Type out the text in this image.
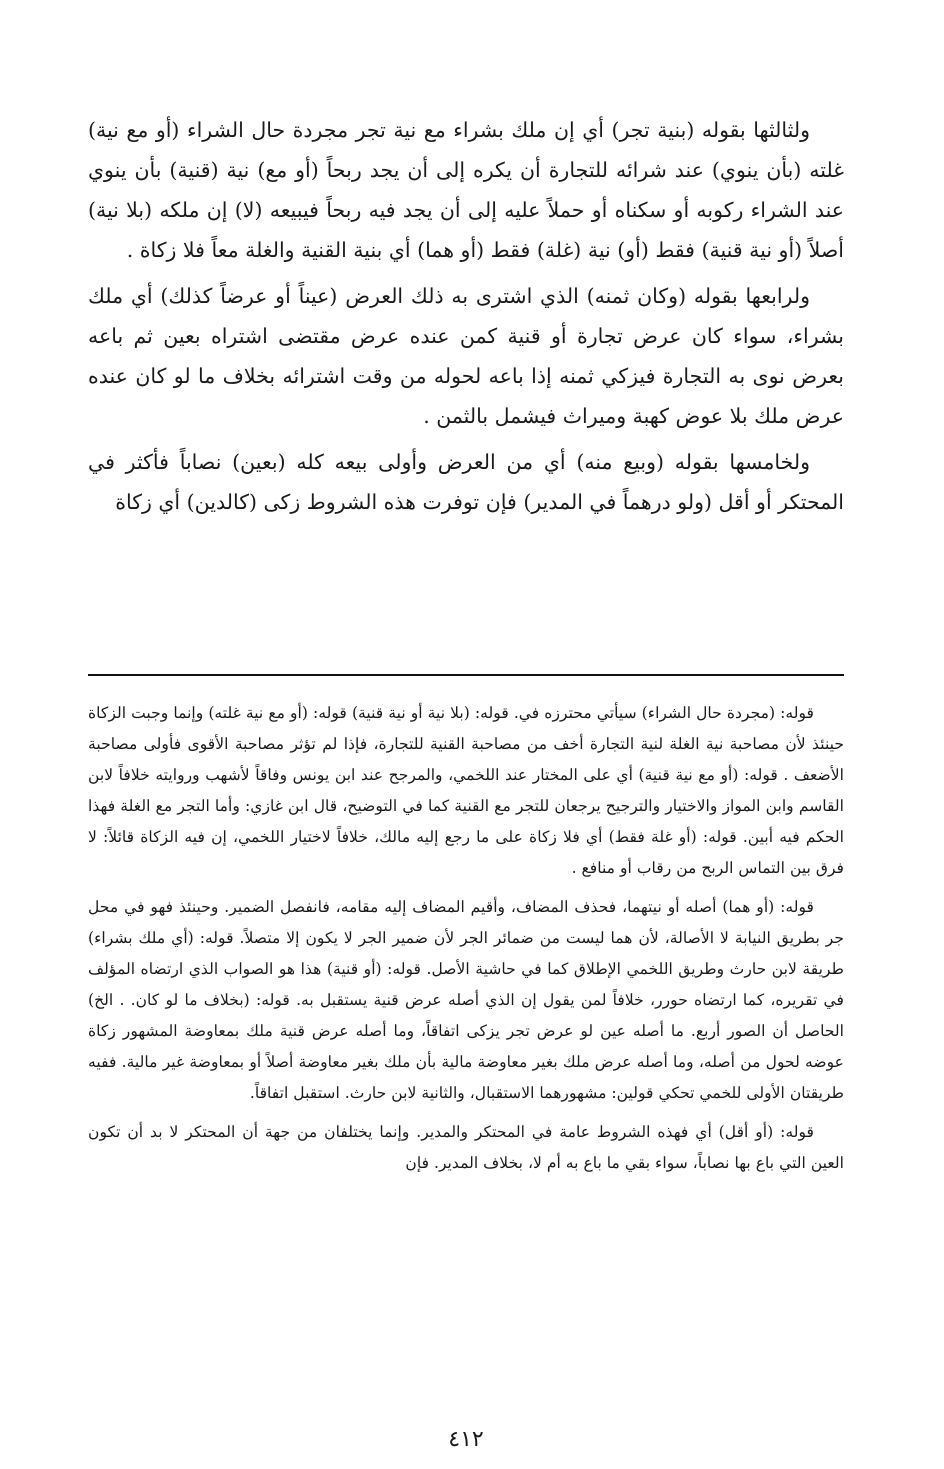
ولثالثها بقوله (بنية تجر) أي إن ملك بشراء مع نية تجر مجردة حال الشراء (أو مع نية) غلته (بأن ينوي) عند شرائه للتجارة أن يكره إلى أن يجد ربحاً (أو مع) نية (قنية) بأن ينوي عند الشراء ركوبه أو سكناه أو حملاً عليه إلى أن يجد فيه ربحاً فيبيعه (لا) إن ملكه (بلا نية) أصلاً (أو نية قنية) فقط (أو) نية (غلة) فقط (أو هما) أي بنية القنية والغلة معاً فلا زكاة .

ولرابعها بقوله (وكان ثمنه) الذي اشترى به ذلك العرض (عيناً أو عرضاً كذلك) أي ملك بشراء، سواء كان عرض تجارة أو قنية كمن عنده عرض مقتضى اشتراه بعين ثم باعه بعرض نوى به التجارة فيزكي ثمنه إذا باعه لحوله من وقت اشترائه بخلاف ما لو كان عنده عرض ملك بلا عوض كهبة وميراث فيشمل بالثمن .

ولخامسها بقوله (وبيع منه) أي من العرض وأولى بيعه كله (بعين) نصاباً فأكثر في المحتكر أو أقل (ولو درهماً في المدير) فإن توفرت هذه الشروط زكى (كالدين) أي زكاة

قوله: (مجردة حال الشراء) سيأتي محترزه في. قوله: (بلا نية أو نية قنية) قوله: (أو مع نية غلته) وإنما وجبت الزكاة حينئذ لأن مصاحبة نية الغلة لنية التجارة أخف من مصاحبة القنية للتجارة، فإذا لم تؤثر مصاحبة الأقوى فأولى مصاحبة الأضعف . قوله: (أو مع نية قنية) أي على المختار عند اللخمي، والمرجح عند ابن يونس وفاقاً لأشهب وروايته خلافاً لابن القاسم وابن المواز والاختيار والترجيح يرجعان للتجر مع القنية كما في التوضيح، قال ابن غازي: وأما التجر مع الغلة فهذا الحكم فيه أبين. قوله: (أو غلة فقط) أي فلا زكاة على ما رجع إليه مالك، خلافاً لاختيار اللخمي، إن فيه الزكاة قائلاً: لا فرق بين التماس الربح من رقاب أو منافع .

قوله: (أو هما) أصله أو نيتهما، فحذف المضاف، وأقيم المضاف إليه مقامه، فانفصل الضمير. وحينئذ فهو في محل جر بطريق النيابة لا الأصالة، لأن هما ليست من ضمائر الجر لأن ضمير الجر لا يكون إلا متصلاً. قوله: (أي ملك بشراء) طريقة لابن حارث وطريق اللخمي الإطلاق كما في حاشية الأصل. قوله: (أو قنية) هذا هو الصواب الذي ارتضاه المؤلف في تقريره، كما ارتضاه حورر، خلافاً لمن يقول إن الذي أصله عرض قنية يستقبل به. قوله: (بخلاف ما لو كان. . الخ) الحاصل أن الصور أربع. ما أصله عين لو عرض تجر يزكى اتفاقاً، وما أصله عرض قنية ملك بمعاوضة المشهور زكاة عوضه لحول من أصله، وما أصله عرض ملك بغير معاوضة مالية بأن ملك بغير معاوضة أصلاً أو بمعاوضة غير مالية. ففيه طريقتان الأولى للخمي تحكي قولين: مشهورهما الاستقبال، والثانية لابن حارث. استقبل اتفاقاً.

قوله: (أو أقل) أي فهذه الشروط عامة في المحتكر والمدير. وإنما يختلفان من جهة أن المحتكر لا بد أن تكون العين التي باع بها نصاباً، سواء بقي ما باع به أم لا، بخلاف المدير. فإن

٤١٢
